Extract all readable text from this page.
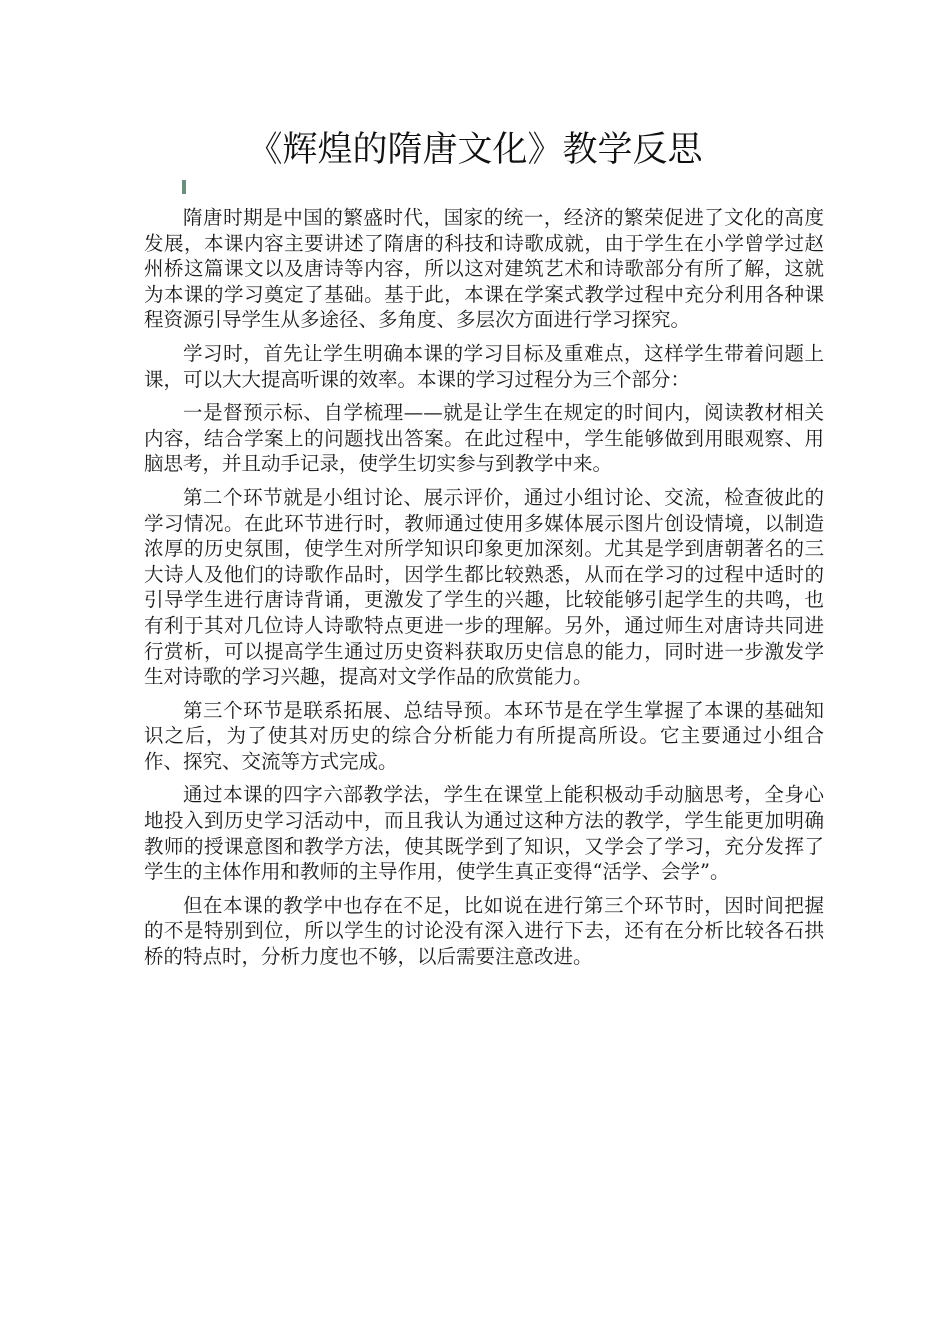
《辉煌的隋唐文化》教学反思

隋唐时期是中国的繁盛时代，国家的统一，经济的繁荣促进了文化的高度发展，本课内容主要讲述了隋唐的科技和诗歌成就，由于学生在小学曾学过赵州桥这篇课文以及唐诗等内容，所以这对建筑艺术和诗歌部分有所了解，这就为本课的学习奠定了基础。基于此，本课在学案式教学过程中充分利用各种课程资源引导学生从多途径、多角度、多层次方面进行学习探究。

学习时，首先让学生明确本课的学习目标及重难点，这样学生带着问题上课，可以大大提高听课的效率。本课的学习过程分为三个部分：

一是督预示标、自学梳理——就是让学生在规定的时间内，阅读教材相关内容，结合学案上的问题找出答案。在此过程中，学生能够做到用眼观察、用脑思考，并且动手记录，使学生切实参与到教学中来。

第二个环节就是小组讨论、展示评价，通过小组讨论、交流，检查彼此的学习情况。在此环节进行时，教师通过使用多媒体展示图片创设情境，以制造浓厚的历史氛围，使学生对所学知识印象更加深刻。尤其是学到唐朝著名的三大诗人及他们的诗歌作品时，因学生都比较熟悉，从而在学习的过程中适时的引导学生进行唐诗背诵，更激发了学生的兴趣，比较能够引起学生的共鸣，也有利于其对几位诗人诗歌特点更进一步的理解。另外，通过师生对唐诗共同进行赏析，可以提高学生通过历史资料获取历史信息的能力，同时进一步激发学生对诗歌的学习兴趣，提高对文学作品的欣赏能力。

第三个环节是联系拓展、总结导预。本环节是在学生掌握了本课的基础知识之后，为了使其对历史的综合分析能力有所提高所设。它主要通过小组合作、探究、交流等方式完成。

通过本课的四字六部教学法，学生在课堂上能积极动手动脑思考，全身心地投入到历史学习活动中，而且我认为通过这种方法的教学，学生能更加明确教师的授课意图和教学方法，使其既学到了知识，又学会了学习，充分发挥了学生的主体作用和教师的主导作用，使学生真正变得“活学、会学”。

但在本课的教学中也存在不足，比如说在进行第三个环节时，因时间把握的不是特别到位，所以学生的讨论没有深入进行下去，还有在分析比较各石拱桥的特点时，分析力度也不够，以后需要注意改进。
